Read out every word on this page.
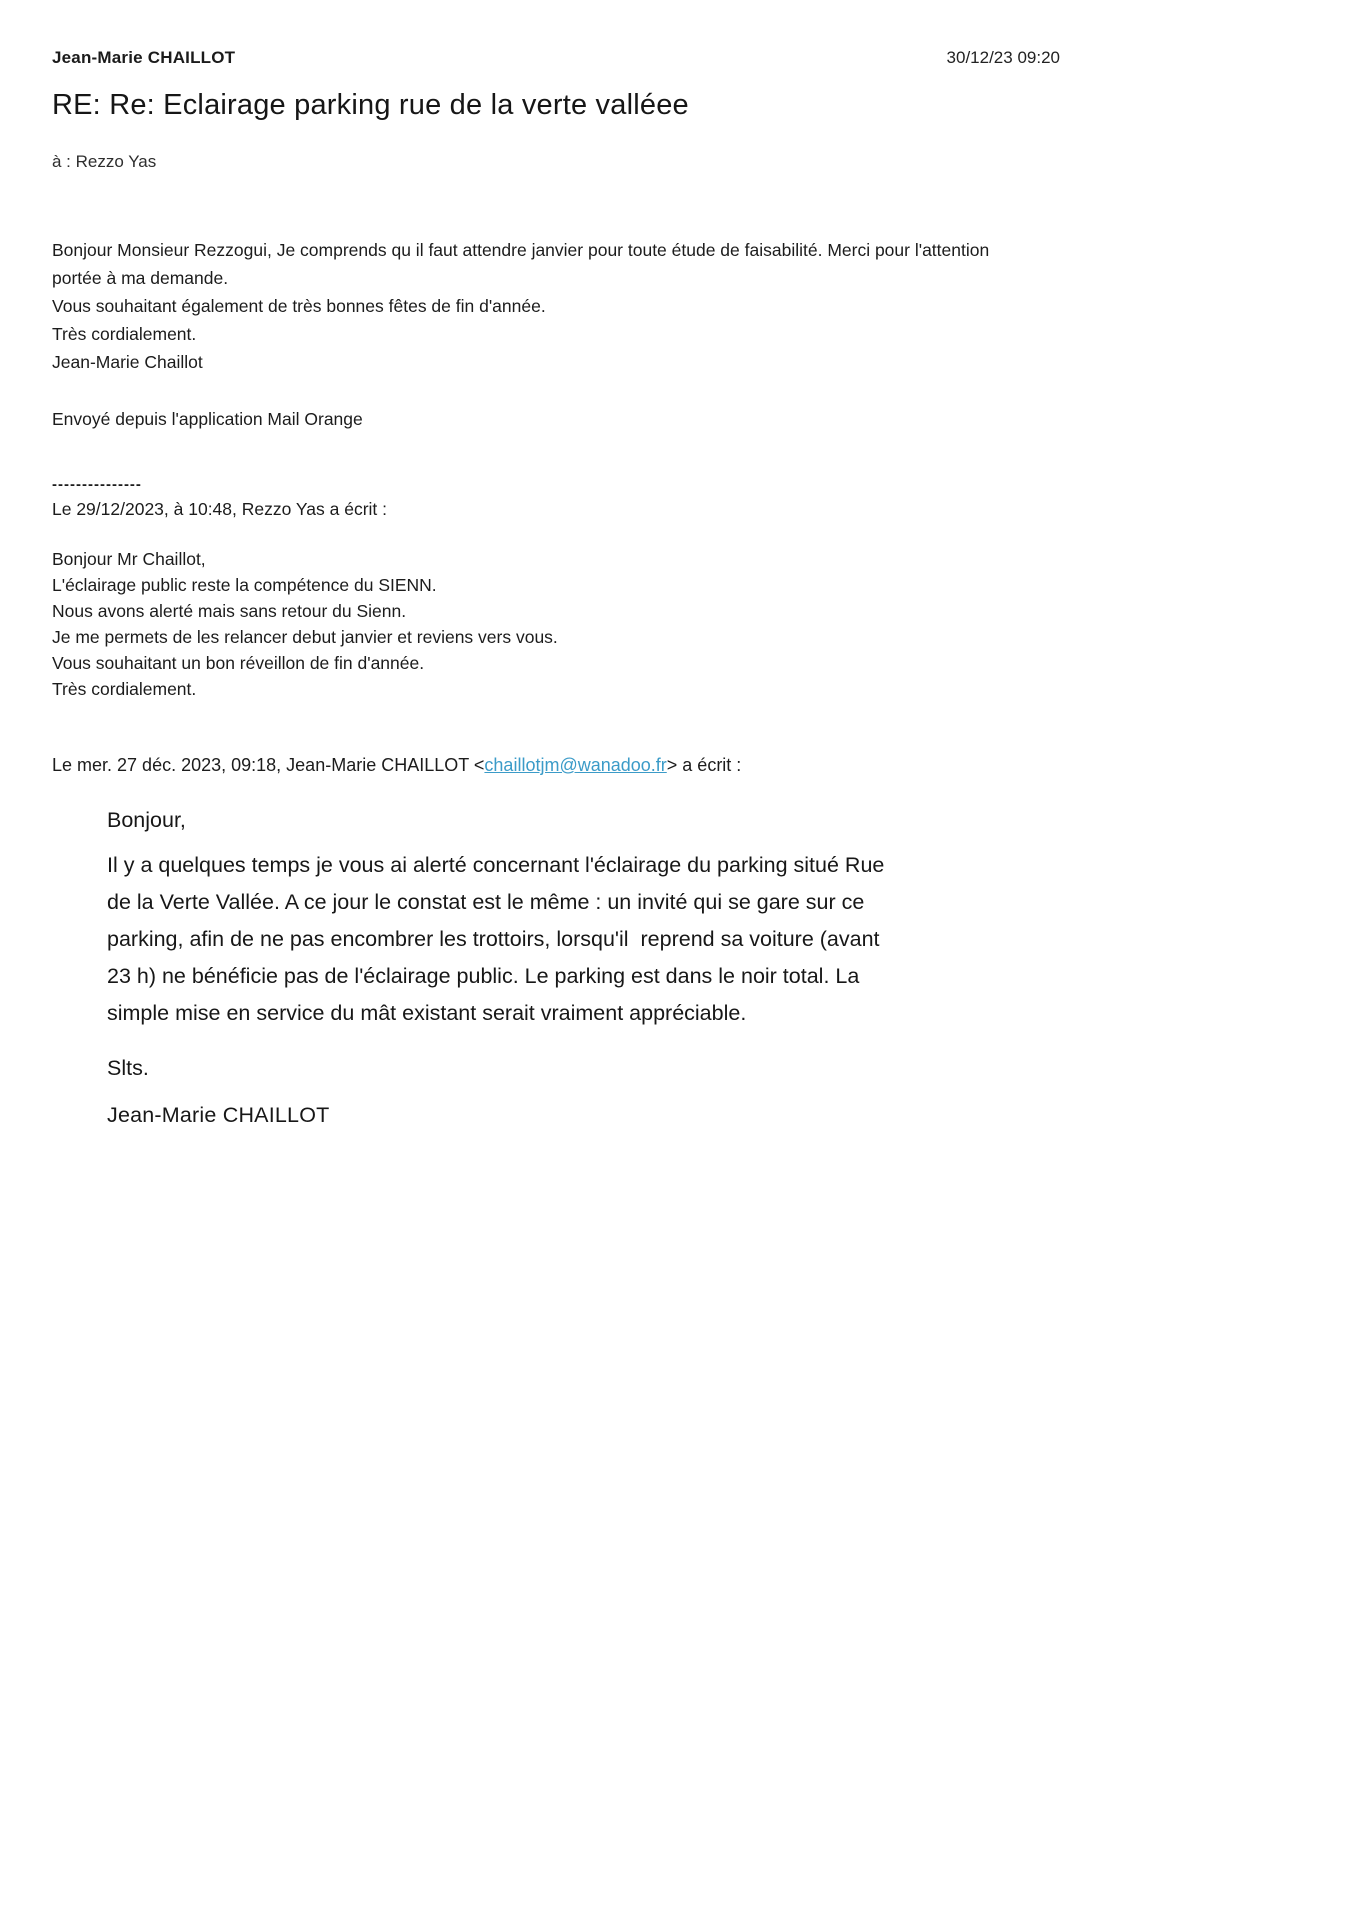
Jean-Marie CHAILLOT	30/12/23 09:20
RE: Re: Eclairage parking rue de la verte valléee
à : Rezzo Yas
Bonjour Monsieur Rezzogui, Je comprends qu il faut attendre janvier pour toute étude de faisabilité. Merci pour l'attention
portée à ma demande.
Vous souhaitant également de très bonnes fêtes de fin d'année.
Très cordialement.
Jean-Marie Chaillot
Envoyé depuis l'application Mail Orange
---------------
Le 29/12/2023, à 10:48, Rezzo Yas a écrit :
Bonjour Mr Chaillot,
L'éclairage public reste la compétence du SIENN.
Nous avons alerté mais sans retour du Sienn.
Je me permets de les relancer debut janvier et reviens vers vous.
Vous souhaitant un bon réveillon de fin d'année.
Très cordialement.
Le mer. 27 déc. 2023, 09:18, Jean-Marie CHAILLOT <chaillotjm@wanadoo.fr> a écrit :
Bonjour,
Il y a quelques temps je vous ai alerté concernant l'éclairage du parking situé Rue
de la Verte Vallée. A ce jour le constat est le même : un invité qui se gare sur ce
parking, afin de ne pas encombrer les trottoirs, lorsqu'il  reprend sa voiture (avant
23 h) ne bénéficie pas de l'éclairage public. Le parking est dans le noir total. La
simple mise en service du mât existant serait vraiment appréciable.
Slts.
Jean-Marie CHAILLOT
